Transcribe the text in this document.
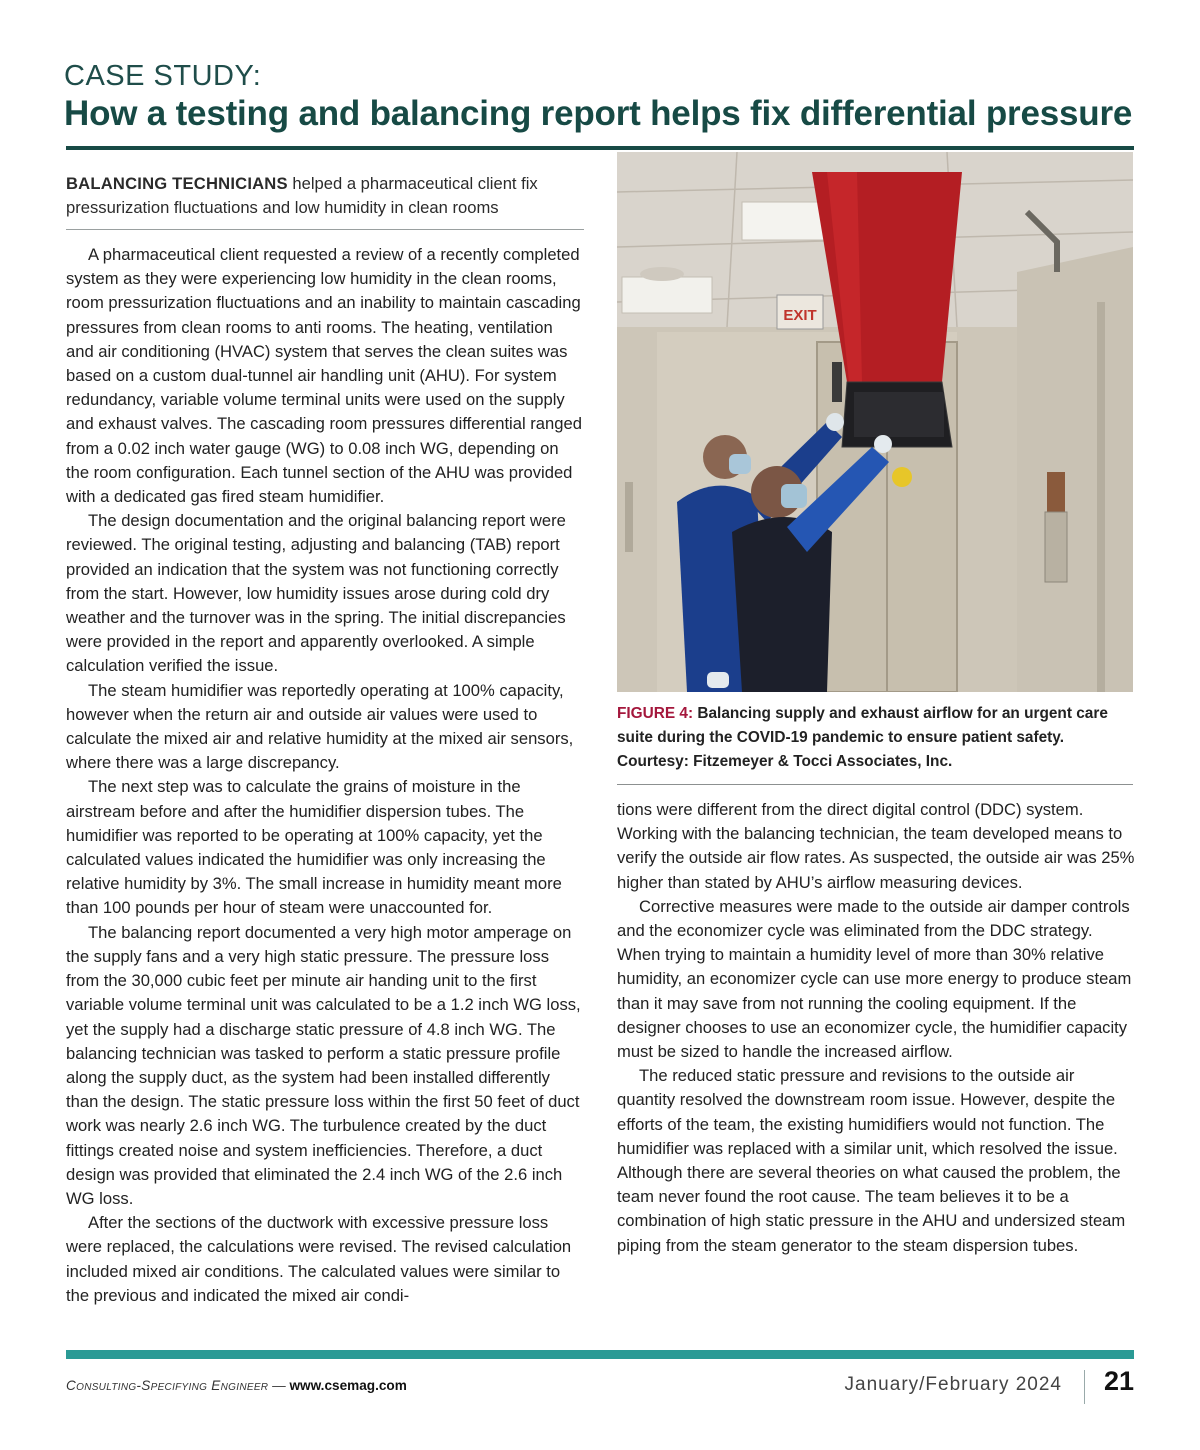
CASE STUDY:
How a testing and balancing report helps fix differential pressure
BALANCING TECHNICIANS helped a pharmaceutical client fix pressurization fluctuations and low humidity in clean rooms

A pharmaceutical client requested a review of a recently completed system as they were experiencing low humidity in the clean rooms, room pressurization fluctuations and an inability to maintain cascading pressures from clean rooms to anti rooms. The heating, ventilation and air conditioning (HVAC) system that serves the clean suites was based on a custom dual-tunnel air handling unit (AHU). For system redundancy, variable volume terminal units were used on the supply and exhaust valves. The cascading room pressures differential ranged from a 0.02 inch water gauge (WG) to 0.08 inch WG, depending on the room configuration. Each tunnel section of the AHU was provided with a dedicated gas fired steam humidifier.

The design documentation and the original balancing report were reviewed. The original testing, adjusting and balancing (TAB) report provided an indication that the system was not functioning correctly from the start. However, low humidity issues arose during cold dry weather and the turnover was in the spring. The initial discrepancies were provided in the report and apparently overlooked. A simple calculation verified the issue.

The steam humidifier was reportedly operating at 100% capacity, however when the return air and outside air values were used to calculate the mixed air and relative humidity at the mixed air sensors, where there was a large discrepancy.

The next step was to calculate the grains of moisture in the airstream before and after the humidifier dispersion tubes. The humidifier was reported to be operating at 100% capacity, yet the calculated values indicated the humidifier was only increasing the relative humidity by 3%. The small increase in humidity meant more than 100 pounds per hour of steam were unaccounted for.

The balancing report documented a very high motor amperage on the supply fans and a very high static pressure. The pressure loss from the 30,000 cubic feet per minute air handing unit to the first variable volume terminal unit was calculated to be a 1.2 inch WG loss, yet the supply had a discharge static pressure of 4.8 inch WG. The balancing technician was tasked to perform a static pressure profile along the supply duct, as the system had been installed differently than the design. The static pressure loss within the first 50 feet of duct work was nearly 2.6 inch WG. The turbulence created by the duct fittings created noise and system inefficiencies. Therefore, a duct design was provided that eliminated the 2.4 inch WG of the 2.6 inch WG loss.

After the sections of the ductwork with excessive pressure loss were replaced, the calculations were revised. The revised calculation included mixed air conditions. The calculated values were similar to the previous and indicated the mixed air condi-

EXIT
FIGURE 4: Balancing supply and exhaust airflow for an urgent care suite during the COVID-19 pandemic to ensure patient safety. Courtesy: Fitzemeyer & Tocci Associates, Inc.

tions were different from the direct digital control (DDC) system. Working with the balancing technician, the team developed means to verify the outside air flow rates. As suspected, the outside air was 25% higher than stated by AHU’s airflow measuring devices.

Corrective measures were made to the outside air damper controls and the economizer cycle was eliminated from the DDC strategy. When trying to maintain a humidity level of more than 30% relative humidity, an economizer cycle can use more energy to produce steam than it may save from not running the cooling equipment. If the designer chooses to use an economizer cycle, the humidifier capacity must be sized to handle the increased airflow.

The reduced static pressure and revisions to the outside air quantity resolved the downstream room issue. However, despite the efforts of the team, the existing humidifiers would not function. The humidifier was replaced with a similar unit, which resolved the issue. Although there are several theories on what caused the problem, the team never found the root cause. The team believes it to be a combination of high static pressure in the AHU and undersized steam piping from the steam generator to the steam dispersion tubes.

Consulting-Specifying Engineer — www.csemag.com	January/February 2024 21
